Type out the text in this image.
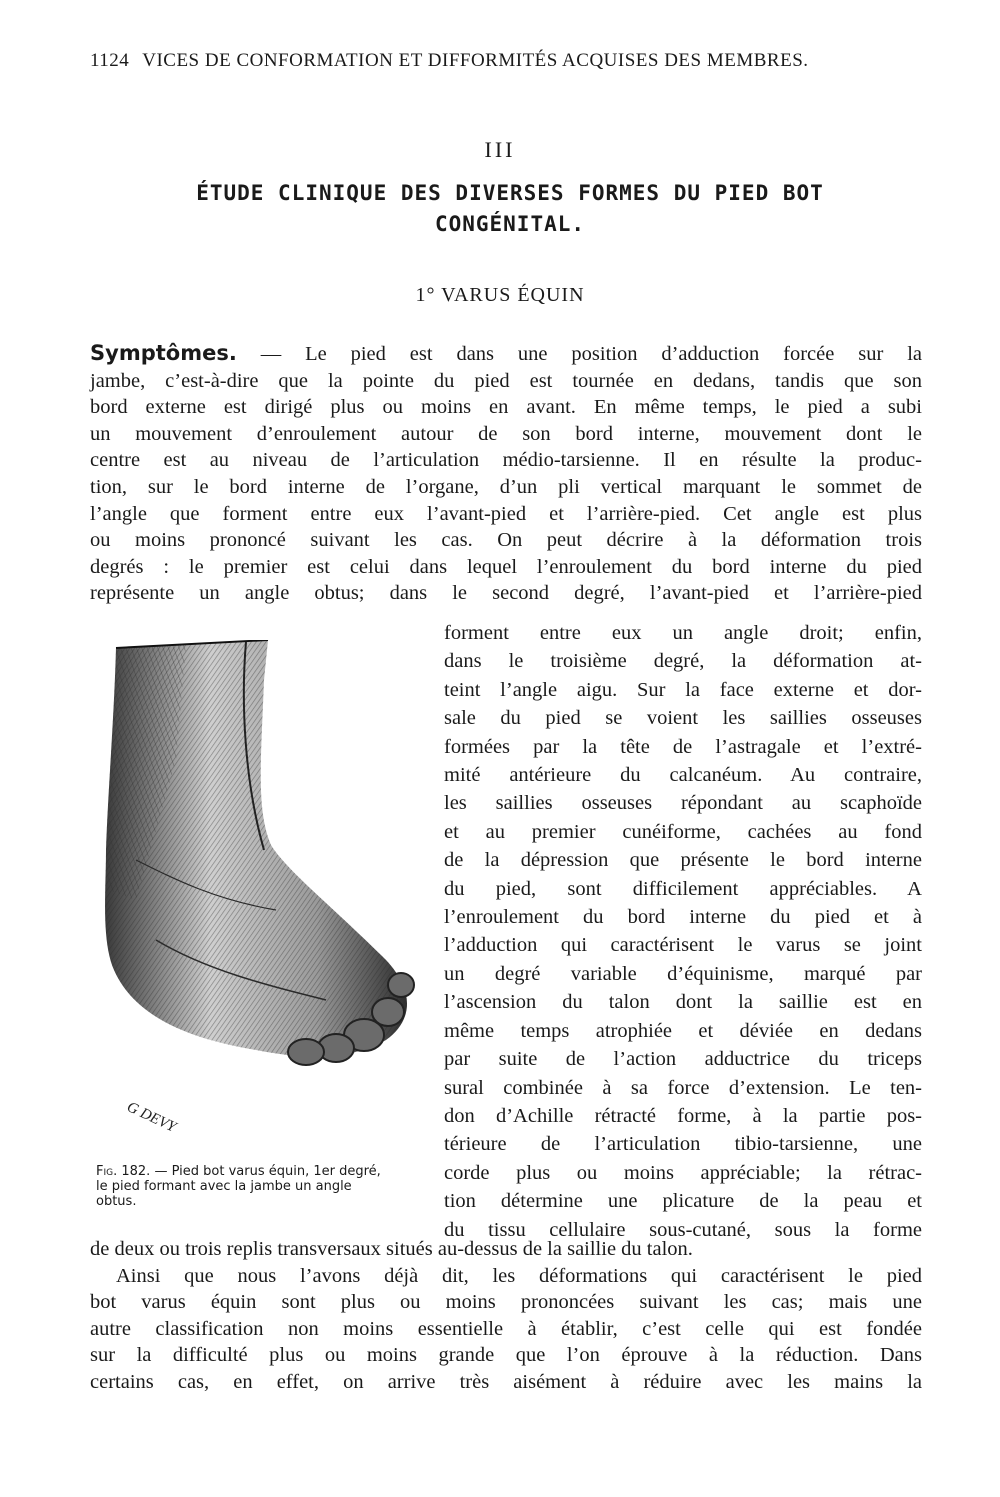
1124 VICES DE CONFORMATION ET DIFFORMITÉS ACQUISES DES MEMBRES.
III
ÉTUDE CLINIQUE DES DIVERSES FORMES DU PIED BOT
CONGÉNITAL.
1° VARUS ÉQUIN
Symptômes. — Le pied est dans une position d’adduction forcée sur la
jambe, c’est-à-dire que la pointe du pied est tournée en dedans, tandis que son
bord externe est dirigé plus ou moins en avant. En même temps, le pied a subi
un mouvement d’enroulement autour de son bord interne, mouvement dont le
centre est au niveau de l’articulation médio-tarsienne. Il en résulte la produc-
tion, sur le bord interne de l’organe, d’un pli vertical marquant le sommet de
l’angle que forment entre eux l’avant-pied et l’arrière-pied. Cet angle est plus
ou moins prononcé suivant les cas. On peut décrire à la déformation trois
degrés : le premier est celui dans lequel l’enroulement du bord interne du pied
représente un angle obtus; dans le second degré, l’avant-pied et l’arrière-pied
G DEVY
Fig. 182. — Pied bot varus équin, 1er degré,
le pied formant avec la jambe un angle
obtus.
forment entre eux un angle droit; enfin,
dans le troisième degré, la déformation at-
teint l’angle aigu. Sur la face externe et dor-
sale du pied se voient les saillies osseuses
formées par la tête de l’astragale et l’extré-
mité antérieure du calcanéum. Au contraire,
les saillies osseuses répondant au scaphoïde
et au premier cunéiforme, cachées au fond
de la dépression que présente le bord interne
du pied, sont difficilement appréciables. A
l’enroulement du bord interne du pied et à
l’adduction qui caractérisent le varus se joint
un degré variable d’équinisme, marqué par
l’ascension du talon dont la saillie est en
même temps atrophiée et déviée en dedans
par suite de l’action adductrice du triceps
sural combinée à sa force d’extension. Le ten-
don d’Achille rétracté forme, à la partie pos-
térieure de l’articulation tibio-tarsienne, une
corde plus ou moins appréciable; la rétrac-
tion détermine une plicature de la peau et
du tissu cellulaire sous-cutané, sous la forme
de deux ou trois replis transversaux situés au-dessus de la saillie du talon.
Ainsi que nous l’avons déjà dit, les déformations qui caractérisent le pied
bot varus équin sont plus ou moins prononcées suivant les cas; mais une
autre classification non moins essentielle à établir, c’est celle qui est fondée
sur la difficulté plus ou moins grande que l’on éprouve à la réduction. Dans
certains cas, en effet, on arrive très aisément à réduire avec les mains la
